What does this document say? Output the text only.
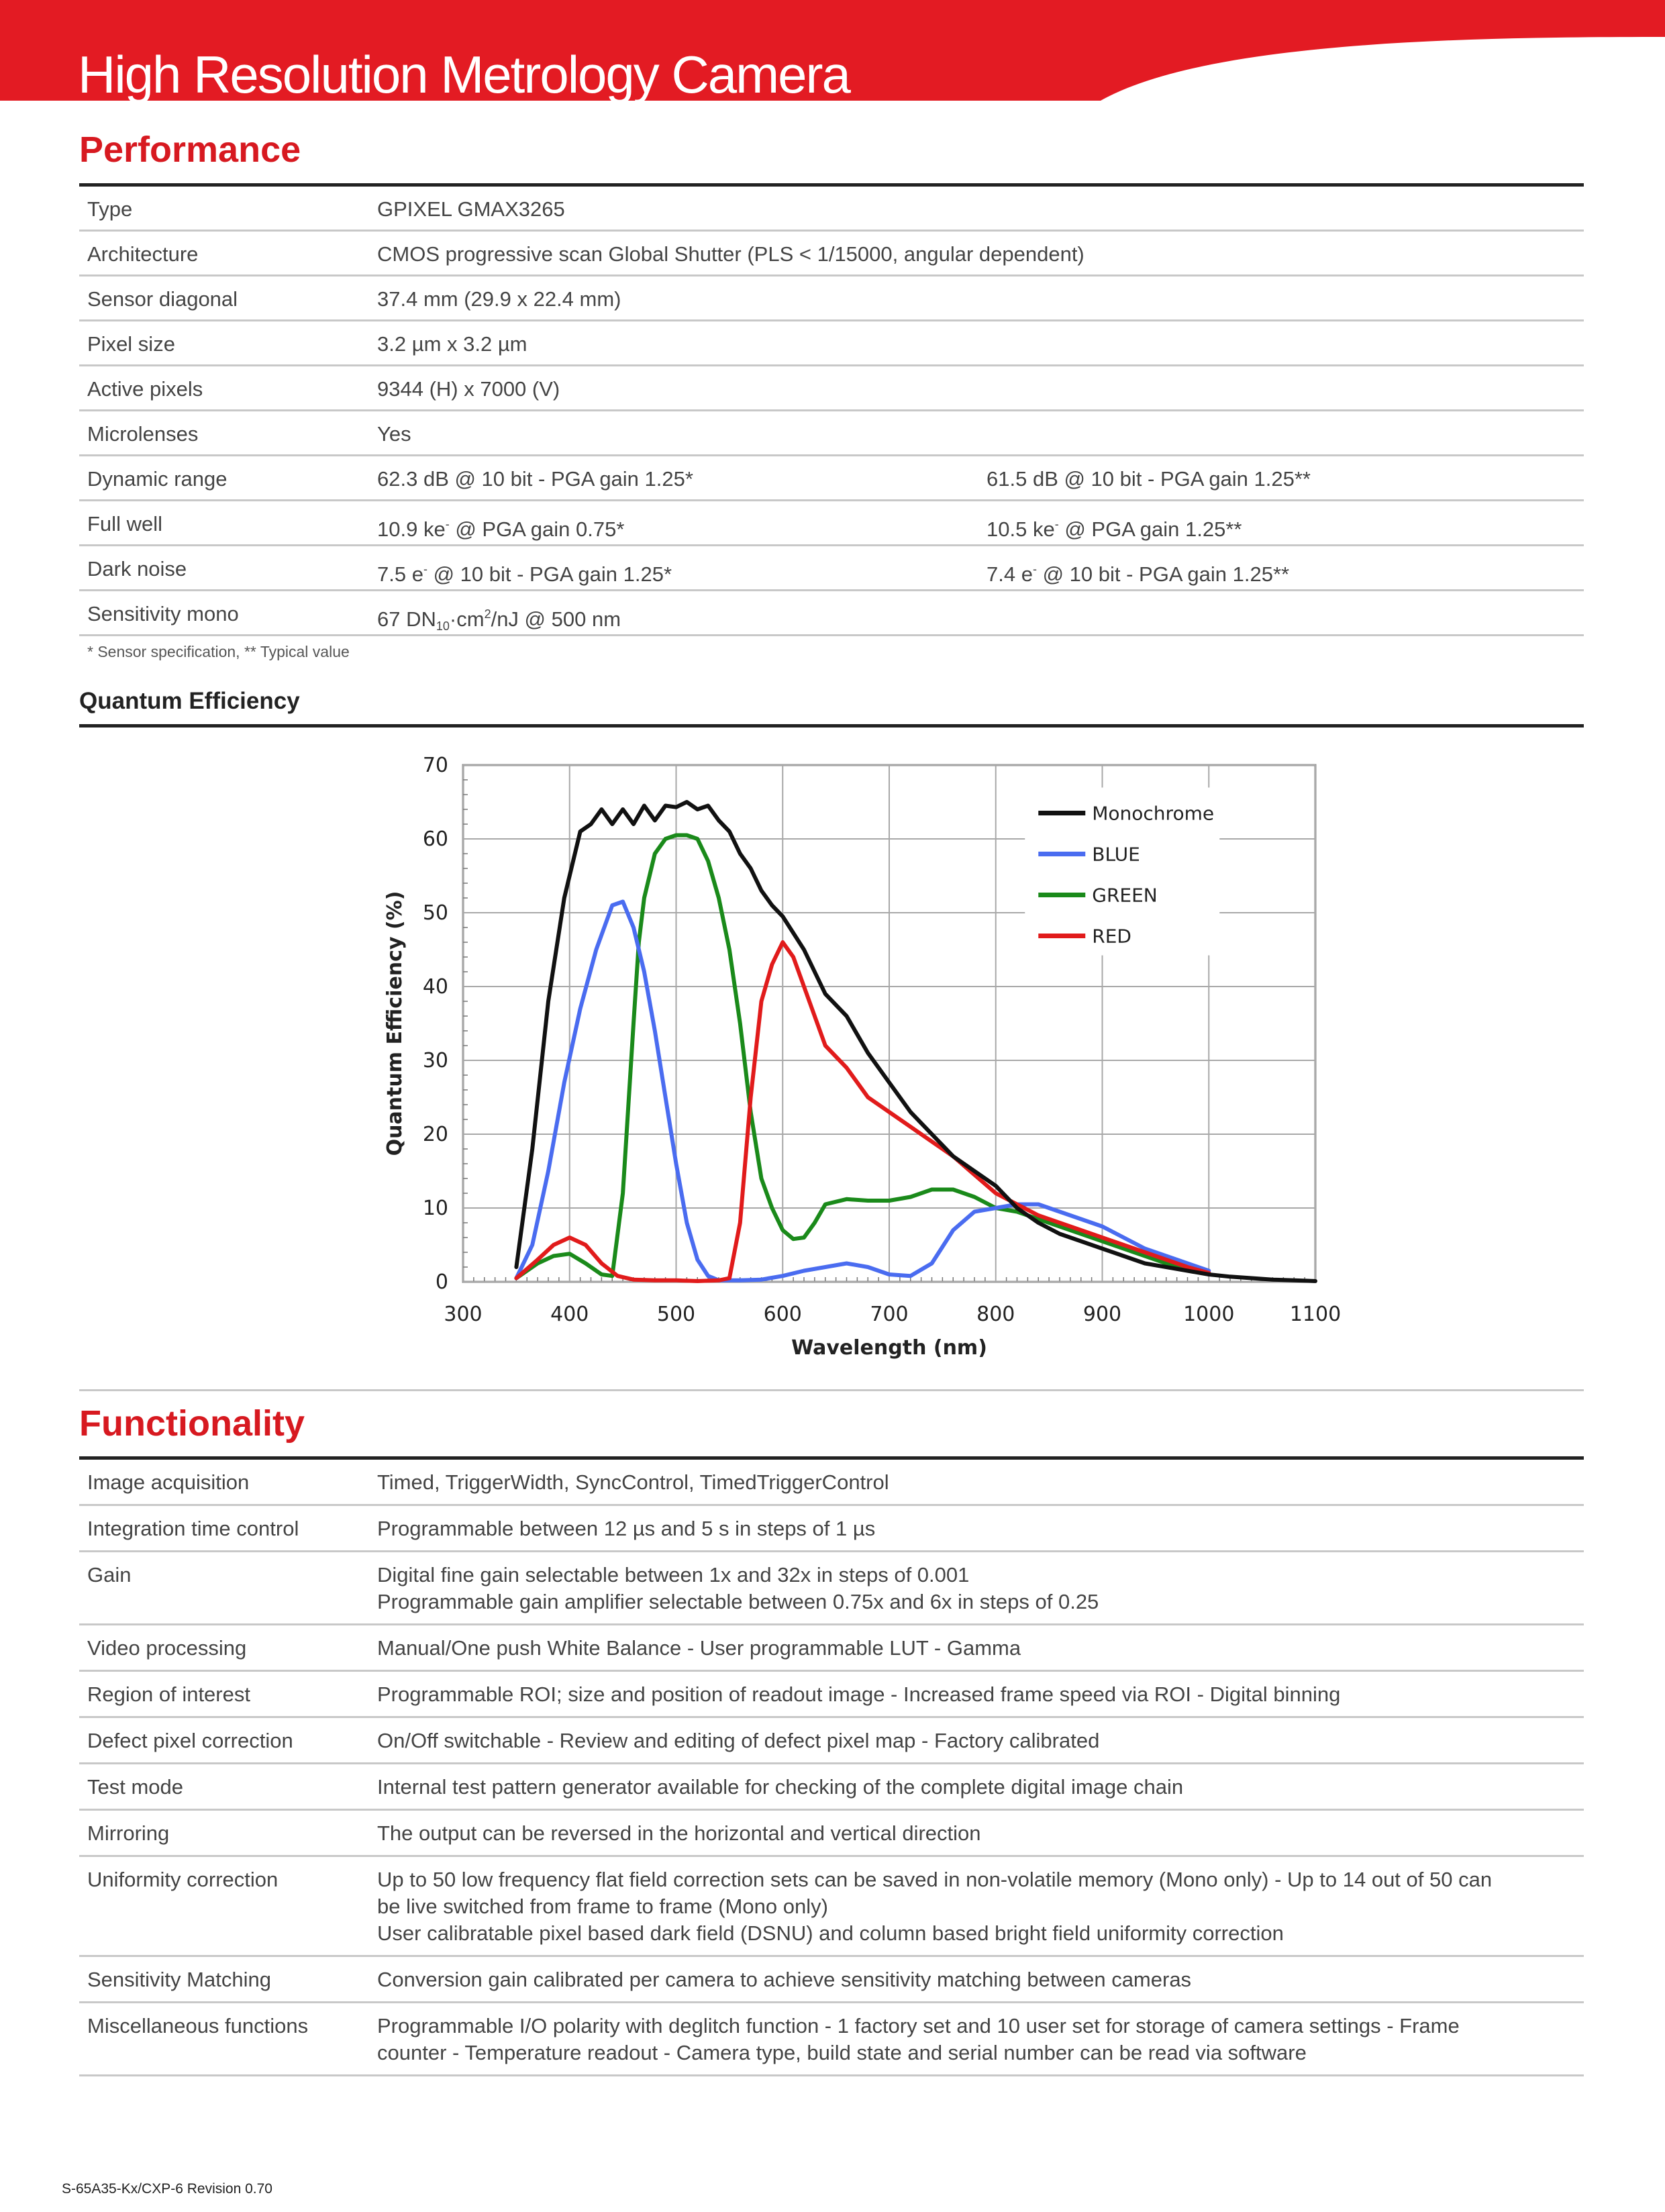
High Resolution Metrology Camera
Performance
Type	GPIXEL GMAX3265
Architecture	CMOS progressive scan Global Shutter (PLS < 1/15000, angular dependent)
Sensor diagonal	37.4 mm (29.9 x 22.4 mm)
Pixel size	3.2 µm x 3.2 µm
Active pixels	9344 (H) x 7000 (V)
Microlenses	Yes
Dynamic range	62.3 dB @ 10 bit - PGA gain 1.25*	61.5 dB @ 10 bit - PGA gain 1.25**
Full well	10.9 ke- @ PGA gain 0.75*	10.5 ke- @ PGA gain 1.25**
Dark noise	7.5 e- @ 10 bit - PGA gain 1.25*	7.4 e- @ 10 bit - PGA gain 1.25**
Sensitivity mono	67 $DN_{10}\cdot cm^2/nJ$ @ 500 nm
* Sensor specification, ** Typical value
Quantum Efficiency
300	400	500	600	700	800	900	1000	1100
0
10
20
30
40
50
60
70
Wavelength (nm)
Quantum Efficiency (%)
Monochrome
BLUE
GREEN
RED
Functionality
Image acquisition	Timed, TriggerWidth, SyncControl, TimedTriggerControl
Integration time control	Programmable between 12 µs and 5 s in steps of 1 µs
Gain	Digital fine gain selectable between 1x and 32x in steps of 0.001
Programmable gain amplifier selectable between 0.75x and 6x in steps of 0.25
Video processing	Manual/One push White Balance - User programmable LUT - Gamma
Region of interest	Programmable ROI; size and position of readout image - Increased frame speed via ROI - Digital binning
Defect pixel correction	On/Off switchable - Review and editing of defect pixel map - Factory calibrated
Test mode	Internal test pattern generator available for checking of the complete digital image chain
Mirroring	The output can be reversed in the horizontal and vertical direction
Uniformity correction	Up to 50 low frequency flat field correction sets can be saved in non-volatile memory (Mono only) - Up to 14 out of 50 can
be live switched from frame to frame (Mono only)
User calibratable pixel based dark field (DSNU) and column based bright field uniformity correction
Sensitivity Matching	Conversion gain calibrated per camera to achieve sensitivity matching between cameras
Miscellaneous functions	Programmable I/O polarity with deglitch function - 1 factory set and 10 user set for storage of camera settings - Frame
counter - Temperature readout - Camera type, build state and serial number can be read via software
S-65A35-Kx/CXP-6 Revision 0.70
